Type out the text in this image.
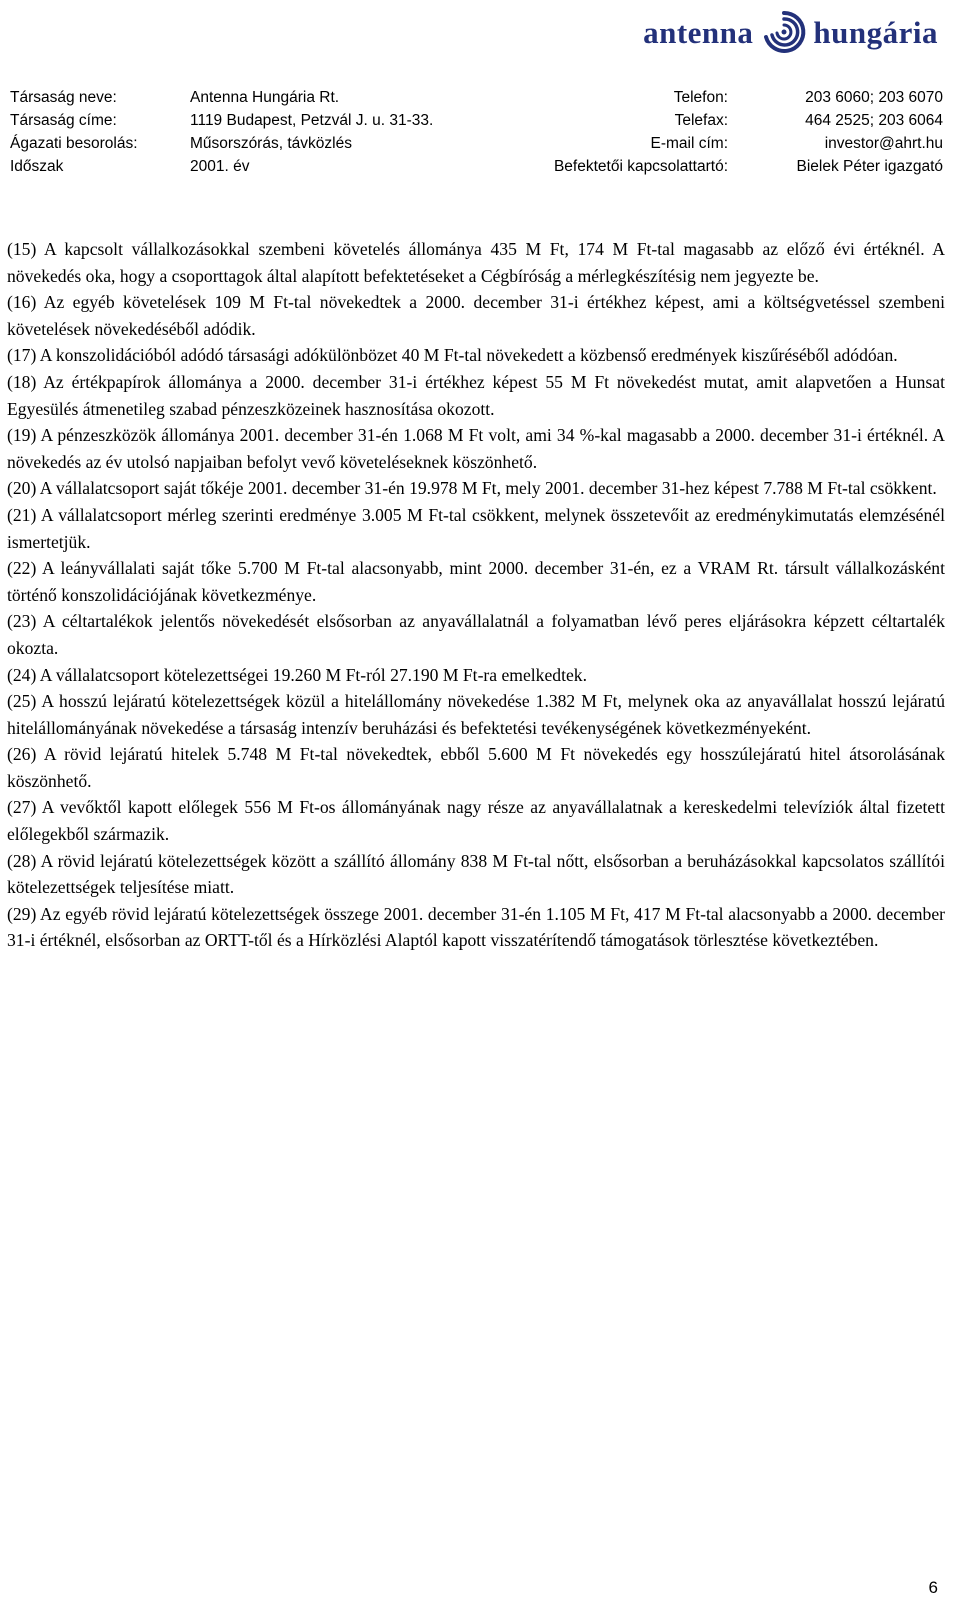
antenna hungária
Társaság neve:	Antenna Hungária Rt.	Telefon:	203 6060; 203 6070
Társaság címe:	1119 Budapest, Petzvál J. u. 31-33.	Telefax:	464 2525; 203 6064
Ágazati besorolás:	Műsorszórás, távközlés	E-mail cím:	investor@ahrt.hu
Időszak	2001. év	Befektetői kapcsolattartó:	Bielek Péter igazgató

(15) A kapcsolt vállalkozásokkal szembeni követelés állománya 435 M Ft, 174 M Ft-tal magasabb az előző évi értéknél. A növekedés oka, hogy a csoporttagok által alapított befektetéseket a Cégbíróság a mérlegkészítésig nem jegyezte be.

(16) Az egyéb követelések 109 M Ft-tal növekedtek a 2000. december 31-i értékhez képest, ami a költségvetéssel szembeni követelések növekedéséből adódik.

(17) A konszolidációból adódó társasági adókülönbözet 40 M Ft-tal növekedett a közbenső eredmények kiszűréséből adódóan.

(18) Az értékpapírok állománya a 2000. december 31-i értékhez képest 55 M Ft növekedést mutat, amit alapvetően a Hunsat Egyesülés átmenetileg szabad pénzeszközeinek hasznosítása okozott.

(19) A pénzeszközök állománya 2001. december 31-én 1.068 M Ft volt, ami 34 %-kal magasabb a 2000. december 31-i értéknél. A növekedés az év utolsó napjaiban befolyt vevő követeléseknek köszönhető.

(20) A vállalatcsoport saját tőkéje 2001. december 31-én 19.978 M Ft, mely 2001. december 31-hez képest 7.788 M Ft-tal csökkent.

(21) A vállalatcsoport mérleg szerinti eredménye 3.005 M Ft-tal csökkent, melynek összetevőit az eredménykimutatás elemzésénél ismertetjük.

(22) A leányvállalati saját tőke 5.700 M Ft-tal alacsonyabb, mint 2000. december 31-én, ez a VRAM Rt. társult vállalkozásként történő konszolidációjának következménye.

(23) A céltartalékok jelentős növekedését elsősorban az anyavállalatnál a folyamatban lévő peres eljárásokra képzett céltartalék okozta.

(24) A vállalatcsoport kötelezettségei 19.260 M Ft-ról 27.190 M Ft-ra emelkedtek.

(25) A hosszú lejáratú kötelezettségek közül a hitelállomány növekedése 1.382 M Ft, melynek oka az anyavállalat hosszú lejáratú hitelállományának növekedése a társaság intenzív beruházási és befektetési tevékenységének következményeként.

(26) A rövid lejáratú hitelek 5.748 M Ft-tal növekedtek, ebből 5.600 M Ft növekedés egy hosszúlejáratú hitel átsorolásának köszönhető.

(27) A vevőktől kapott előlegek 556 M Ft-os állományának nagy része az anyavállalatnak a kereskedelmi televíziók által fizetett előlegekből származik.

(28) A rövid lejáratú kötelezettségek között a szállító állomány 838 M Ft-tal nőtt, elsősorban a beruházásokkal kapcsolatos szállítói kötelezettségek teljesítése miatt.

(29) Az egyéb rövid lejáratú kötelezettségek összege 2001. december 31-én 1.105 M Ft, 417 M Ft-tal alacsonyabb a 2000. december 31-i értéknél, elsősorban az ORTT-től és a Hírközlési Alaptól kapott visszatérítendő támogatások törlesztése következtében.

6
